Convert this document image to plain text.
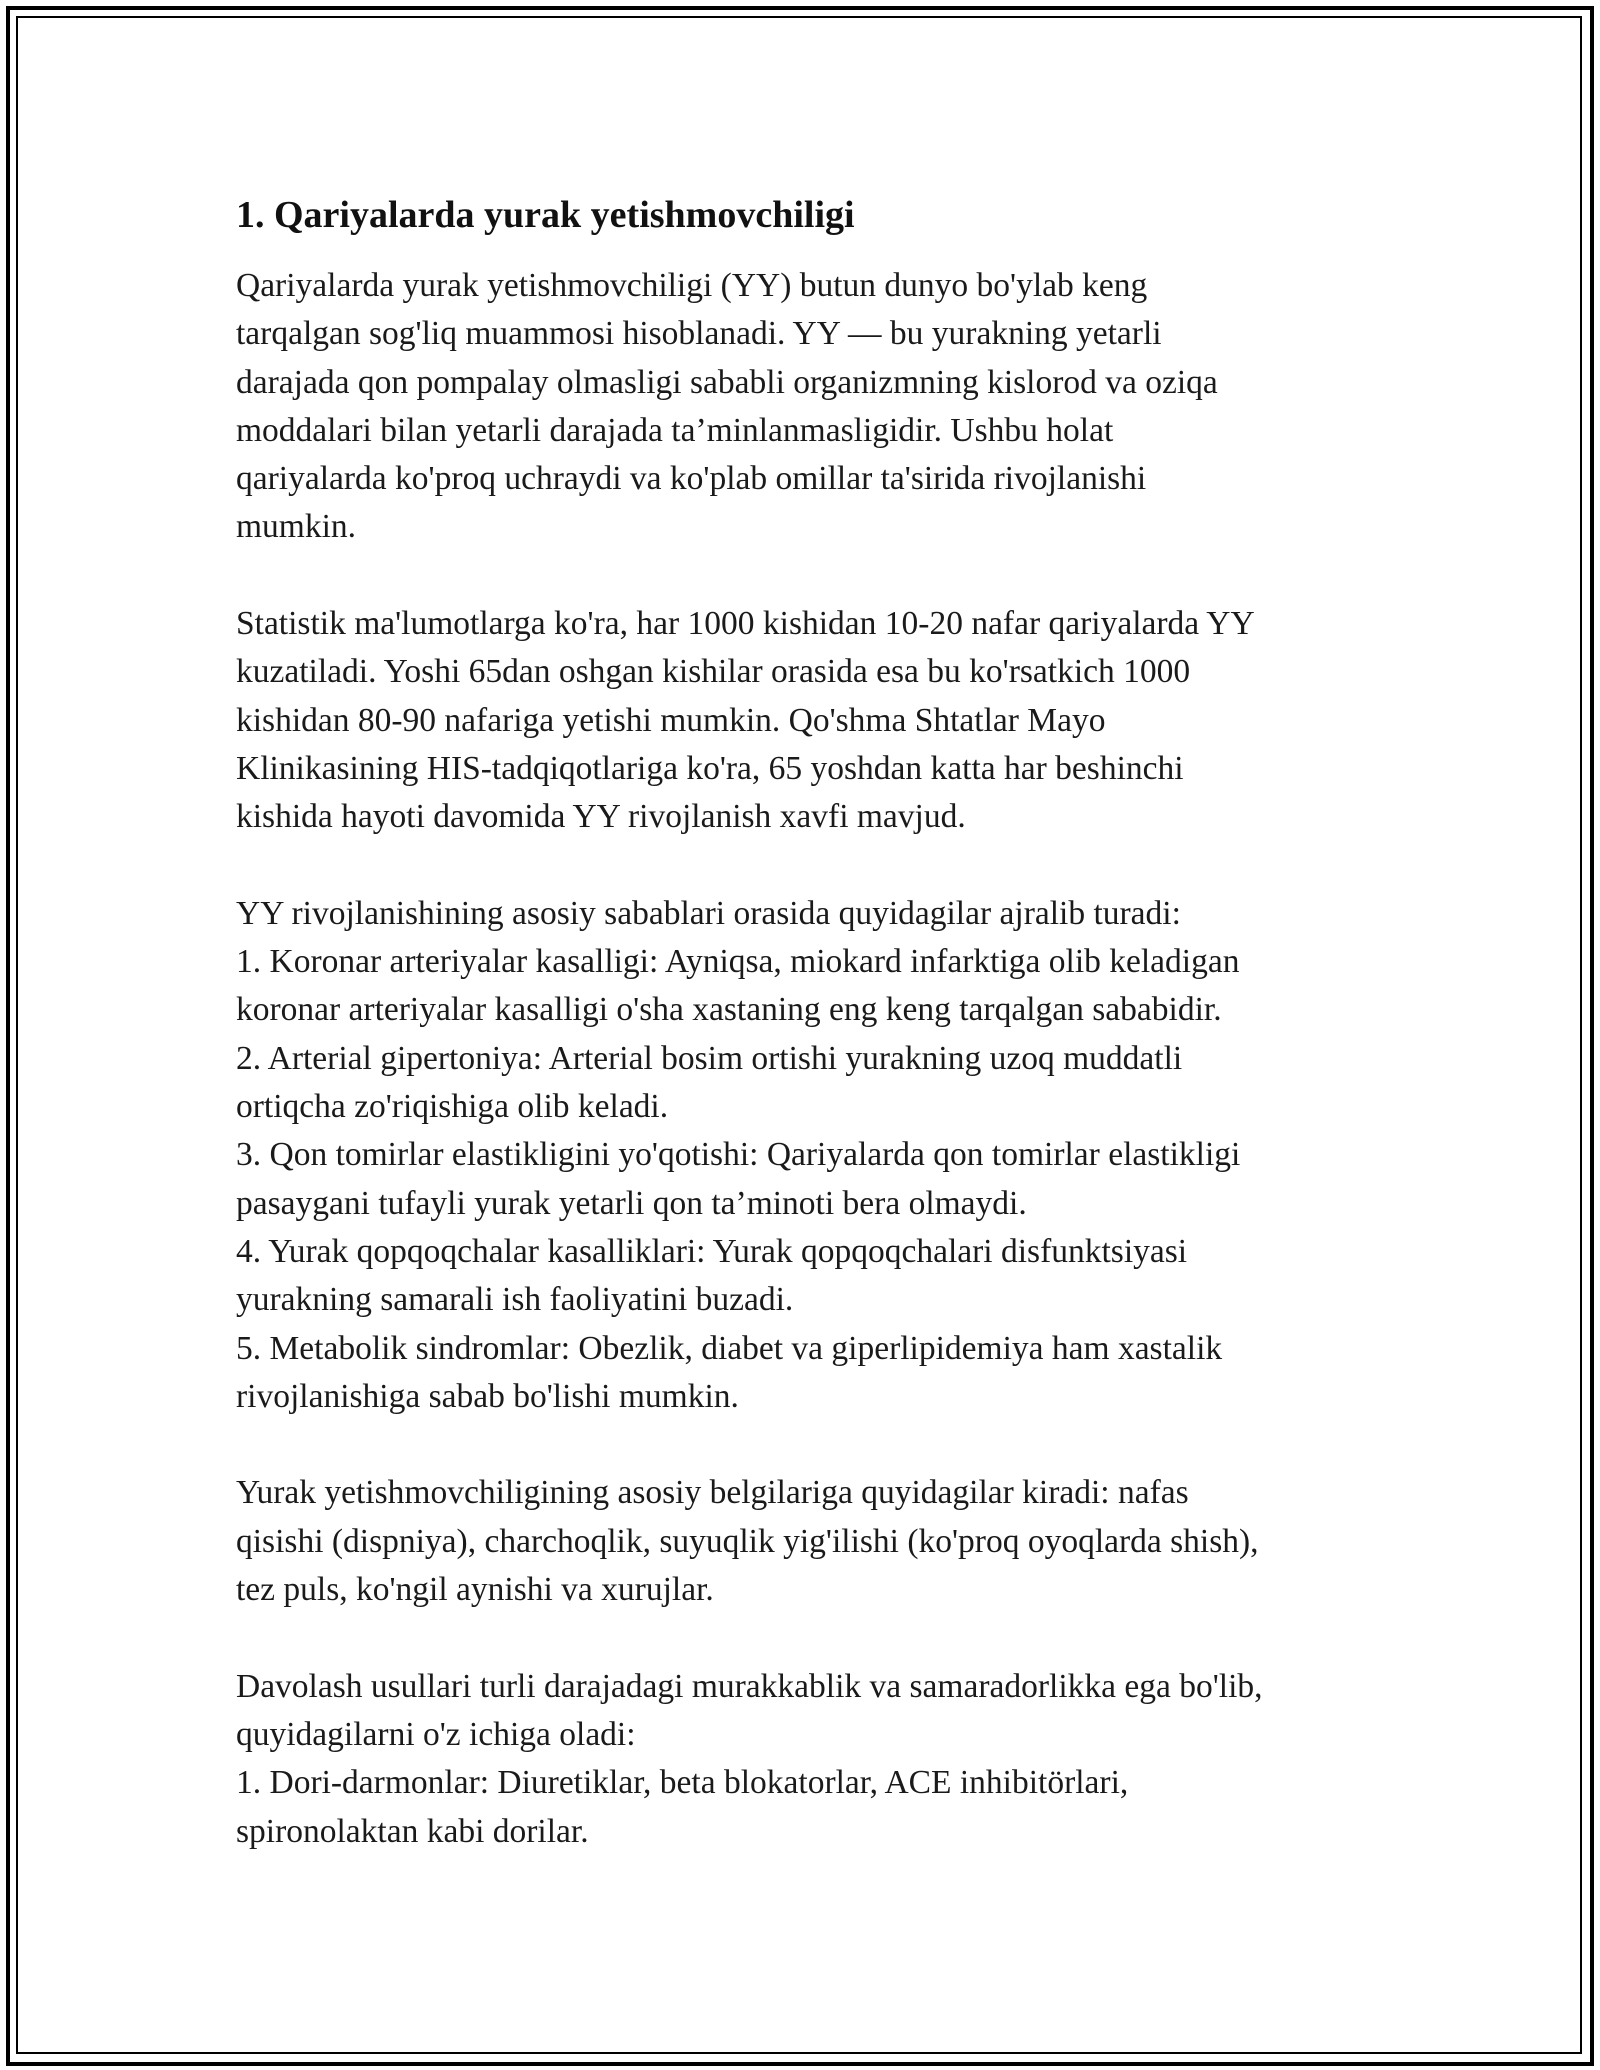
1. Qariyalarda yurak yetishmovchiligi

Qariyalarda yurak yetishmovchiligi (YY) butun dunyo bo'ylab keng
tarqalgan sog'liq muammosi hisoblanadi. YY — bu yurakning yetarli
darajada qon pompalay olmasligi sababli organizmning kislorod va oziqa
moddalari bilan yetarli darajada ta’minlanmasligidir. Ushbu holat
qariyalarda ko'proq uchraydi va ko'plab omillar ta'sirida rivojlanishi
mumkin.

Statistik ma'lumotlarga ko'ra, har 1000 kishidan 10-20 nafar qariyalarda YY
kuzatiladi. Yoshi 65dan oshgan kishilar orasida esa bu ko'rsatkich 1000
kishidan 80-90 nafariga yetishi mumkin. Qo'shma Shtatlar Mayo
Klinikasining HIS-tadqiqotlariga ko'ra, 65 yoshdan katta har beshinchi
kishida hayoti davomida YY rivojlanish xavfi mavjud.

YY rivojlanishining asosiy sabablari orasida quyidagilar ajralib turadi:
1. Koronar arteriyalar kasalligi: Ayniqsa, miokard infarktiga olib keladigan
koronar arteriyalar kasalligi o'sha xastaning eng keng tarqalgan sababidir.
2. Arterial gipertoniya: Arterial bosim ortishi yurakning uzoq muddatli
ortiqcha zo'riqishiga olib keladi.
3. Qon tomirlar elastikligini yo'qotishi: Qariyalarda qon tomirlar elastikligi
pasaygani tufayli yurak yetarli qon ta’minoti bera olmaydi.
4. Yurak qopqoqchalar kasalliklari: Yurak qopqoqchalari disfunktsiyasi
yurakning samarali ish faoliyatini buzadi.
5. Metabolik sindromlar: Obezlik, diabet va giperlipidemiya ham xastalik
rivojlanishiga sabab bo'lishi mumkin.

Yurak yetishmovchiligining asosiy belgilariga quyidagilar kiradi: nafas
qisishi (dispniya), charchoqlik, suyuqlik yig'ilishi (ko'proq oyoqlarda shish),
tez puls, ko'ngil aynishi va xurujlar.

Davolash usullari turli darajadagi murakkablik va samaradorlikka ega bo'lib,
quyidagilarni o'z ichiga oladi:
1. Dori-darmonlar: Diuretiklar, beta blokatorlar, ACE inhibitörlari,
spironolaktan kabi dorilar.
